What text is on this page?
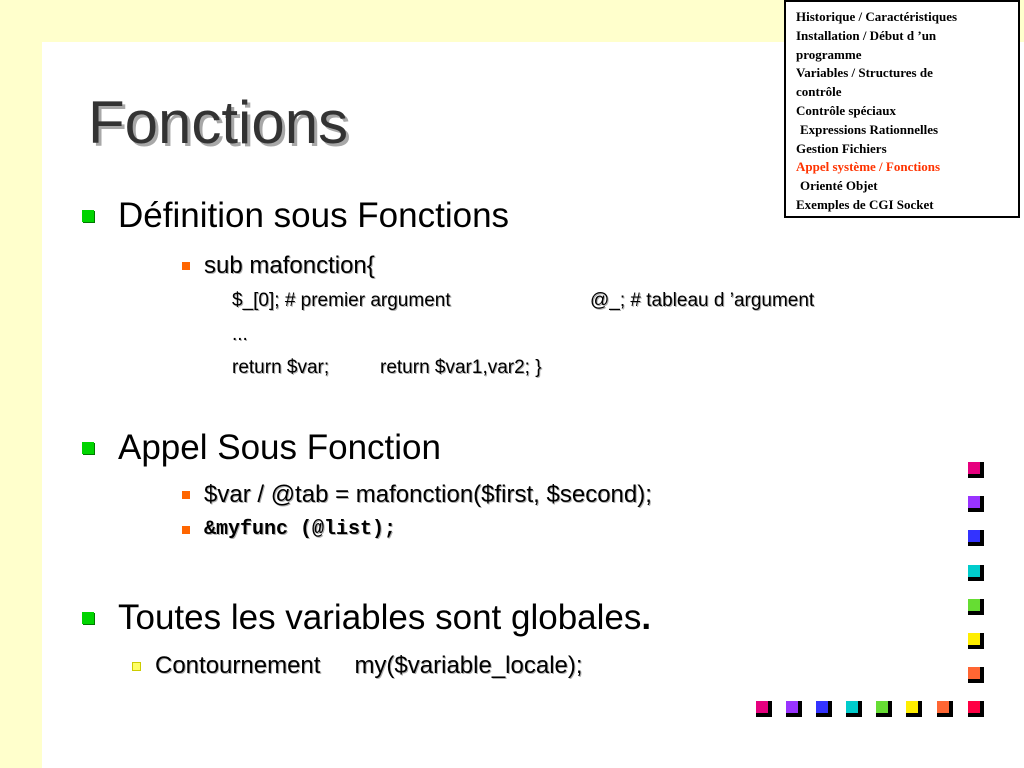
Fonctions
Historique / Caractéristiques
Installation / Début d ’un
programme
Variables / Structures de
contrôle
Contrôle spéciaux
Expressions Rationnelles
Gestion Fichiers
Appel système / Fonctions
Orienté Objet
Exemples de CGI Socket
Définition sous Fonctions
sub mafonction{
$_[0]; # premier argument	@_; # tableau d ’argument
...
return $var;	return $var1,var2; }
Appel Sous Fonction
$var / @tab = mafonction($first, $second);
&myfunc (@list);
Toutes les variables sont globales .
Contournement my($variable_locale);
